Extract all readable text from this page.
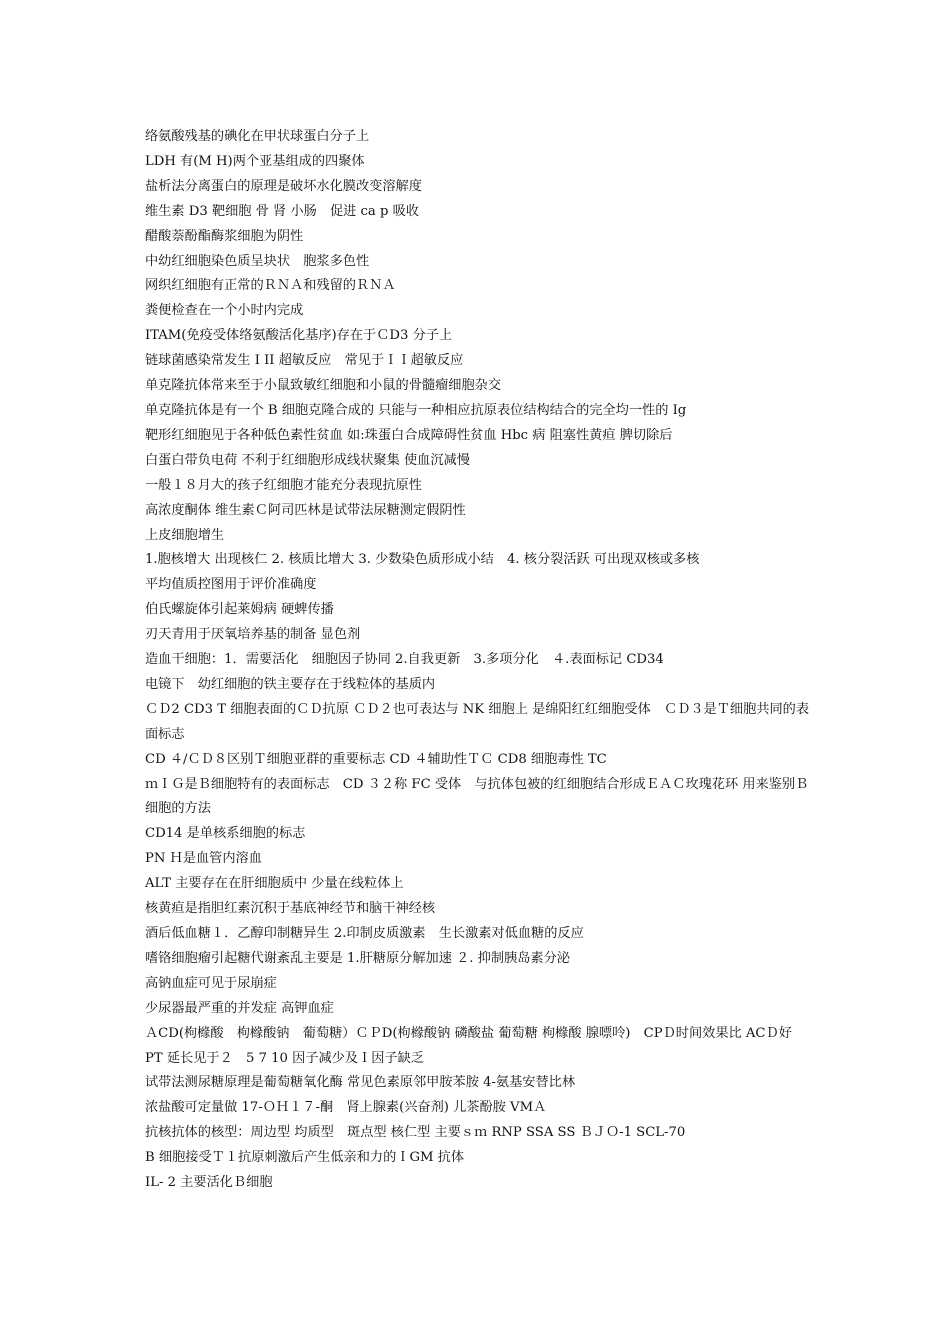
络氨酸残基的碘化在甲状球蛋白分子上

LDH 有(M H)两个亚基组成的四聚体

盐析法分离蛋白的原理是破坏水化膜改变溶解度

维生素 D3 靶细胞 骨 肾 小肠　促进 ca p 吸收

醋酸萘酚酯酶浆细胞为阴性

中幼红细胞染色质呈块状　胞浆多色性

网织红细胞有正常的ＲＮＡ和残留的ＲＮＡ

粪便检查在一个小时内完成

ITAM(免疫受体络氨酸活化基序)存在于ＣD3 分子上

链球菌感染常发生 I II 超敏反应　常见于ＩＩ超敏反应

单克隆抗体常来至于小鼠致敏红细胞和小鼠的骨髓瘤细胞杂交

单克隆抗体是有一个 B 细胞克隆合成的 只能与一种相应抗原表位结构结合的完全均一性的 Ig

靶形红细胞见于各种低色素性贫血 如:珠蛋白合成障碍性贫血 Hbc 病 阻塞性黄疸 脾切除后

白蛋白带负电荷 不利于红细胞形成线状聚集 使血沉减慢

一般１８月大的孩子红细胞才能充分表现抗原性

高浓度酮体 维生素Ｃ阿司匹林是试带法尿糖测定假阴性

上皮细胞增生

1.胞核增大 出现核仁 2. 核质比增大 3. 少数染色质形成小结　4. 核分裂活跃 可出现双核或多核

平均值质控图用于评价准确度

伯氏螺旋体引起莱姆病 硬蜱传播

刃天青用于厌氧培养基的制备 显色剂

造血干细胞：1．需要活化　细胞因子协同 2.自我更新　3.多项分化　４.表面标记 CD34

电镜下　幼红细胞的铁主要存在于线粒体的基质内

ＣＤ2 CD3 T 细胞表面的ＣＤ抗原 ＣＤ２也可表达与 NK 细胞上 是绵阳红红细胞受体　ＣＤ３是Ｔ细胞共同的表面标志

CD ４/ＣＤ８区别Ｔ细胞亚群的重要标志 CD ４辅助性ＴＣ CD8 细胞毒性 TC

ｍＩＧ是Ｂ细胞特有的表面标志　CD ３２称 FC 受体　与抗体包被的红细胞结合形成ＥＡＣ玫瑰花环 用来鉴别Ｂ细胞的方法

CD14 是单核系细胞的标志

PN Ｈ是血管内溶血

ALT 主要存在在肝细胞质中 少量在线粒体上

核黄疸是指胆红素沉积于基底神经节和脑干神经核

酒后低血糖１．乙醇印制糖异生 2.印制皮质激素　生长激素对低血糖的反应

嗜铬细胞瘤引起糖代谢紊乱主要是 1.肝糖原分解加速 ２. 抑制胰岛素分泌

高钠血症可见于尿崩症

少尿器最严重的并发症 高钾血症

ＡCD(枸橼酸　枸橼酸钠　葡萄糖）ＣＰD(枸橼酸钠 磷酸盐 葡萄糖 枸橼酸 腺嘌呤)　CPＤ时间效果比 ACＤ好

PT 延长见于２　5 7 10 因子减少及Ｉ因子缺乏

试带法测尿糖原理是葡萄糖氧化酶 常见色素原邻甲胺苯胺 4-氨基安替比林

浓盐酸可定量做 17-ＯＨ１７-酮　肾上腺素(兴奋剂) 儿茶酚胺 VMＡ

抗核抗体的核型：周边型 均质型　斑点型 核仁型 主要ｓｍ RNP SSA SS ＢＪＯ-1 SCL-70

B 细胞接受Ｔ１抗原刺激后产生低亲和力的ＩGM 抗体

IL- 2 主要活化Ｂ细胞
